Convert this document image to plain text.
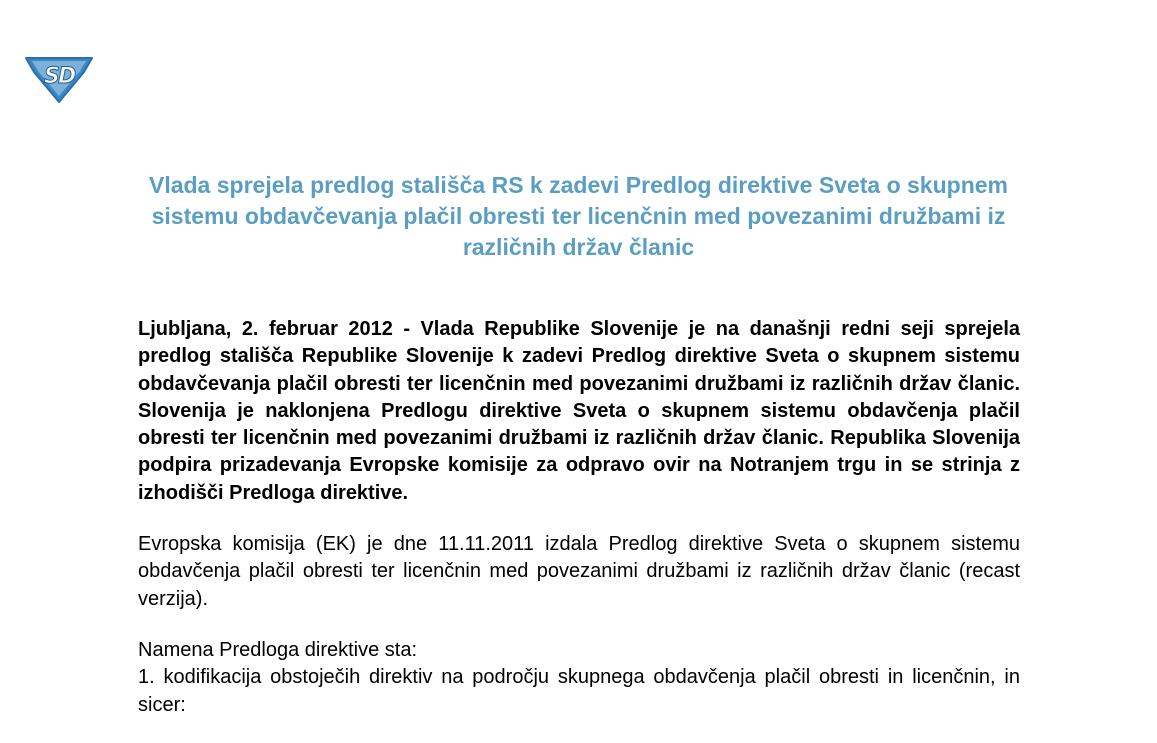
S
D
Vlada sprejela predlog stališča RS k zadevi Predlog direktive Sveta o skupnem sistemu obdavčevanja plačil obresti ter licenčnin med povezanimi družbami iz različnih držav članic

Ljubljana, 2. februar 2012 - Vlada Republike Slovenije je na današnji redni seji sprejela predlog stališča Republike Slovenije k zadevi Predlog direktive Sveta o skupnem sistemu obdavčevanja plačil obresti ter licenčnin med povezanimi družbami iz različnih držav članic. Slovenija je naklonjena Predlogu direktive Sveta o skupnem sistemu obdavčenja plačil obresti ter licenčnin med povezanimi družbami iz različnih držav članic. Republika Slovenija podpira prizadevanja Evropske komisije za odpravo ovir na Notranjem trgu in se strinja z izhodišči Predloga direktive.

Evropska komisija (EK) je dne 11.11.2011 izdala Predlog direktive Sveta o skupnem sistemu obdavčenja plačil obresti ter licenčnin med povezanimi družbami iz različnih držav članic (recast verzija).

Namena Predloga direktive sta:

1. kodifikacija obstoječih direktiv na področju skupnega obdavčenja plačil obresti in licenčnin, in sicer:
